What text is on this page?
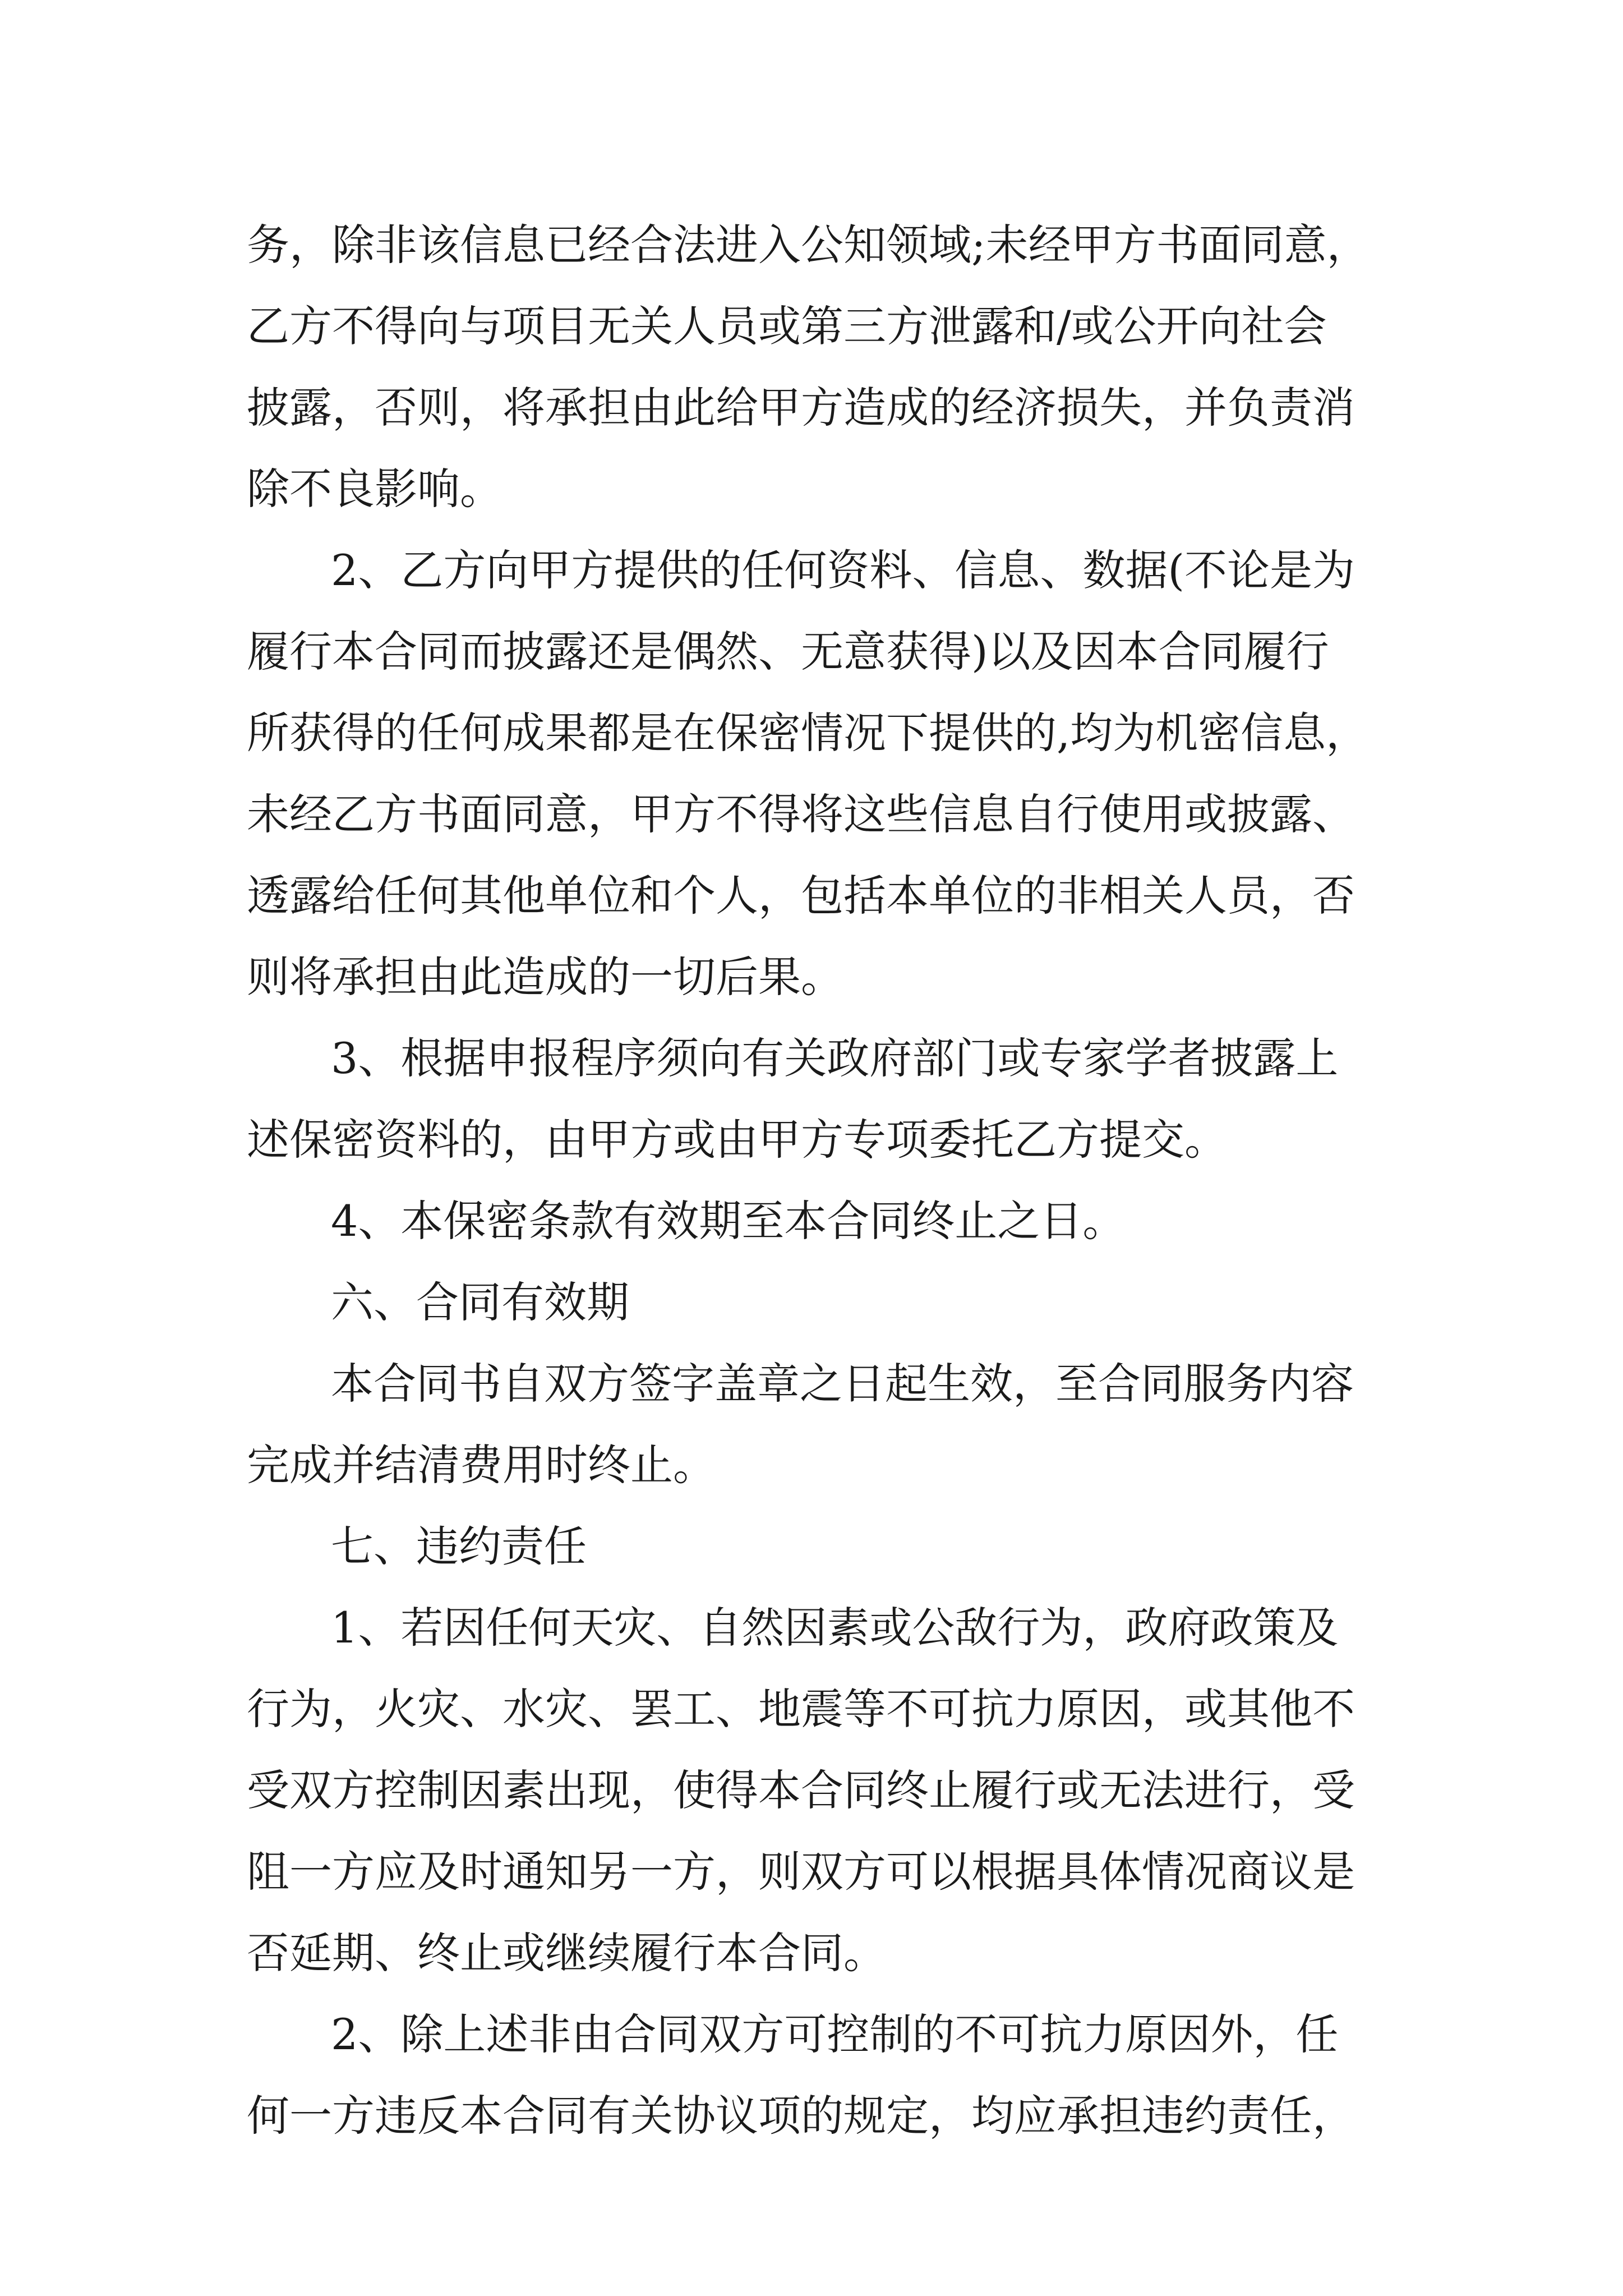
务，除非该信息已经合法进入公知领域;未经甲方书面同意，
乙方不得向与项目无关人员或第三方泄露和/或公开向社会
披露，否则，将承担由此给甲方造成的经济损失，并负责消
除不良影响。
2、乙方向甲方提供的任何资料、信息、数据(不论是为
履行本合同而披露还是偶然、无意获得)以及因本合同履行
所获得的任何成果都是在保密情况下提供的,均为机密信息，
未经乙方书面同意，甲方不得将这些信息自行使用或披露、
透露给任何其他单位和个人，包括本单位的非相关人员，否
则将承担由此造成的一切后果。
3、根据申报程序须向有关政府部门或专家学者披露上
述保密资料的，由甲方或由甲方专项委托乙方提交。
4、本保密条款有效期至本合同终止之日。
六、合同有效期
本合同书自双方签字盖章之日起生效，至合同服务内容
完成并结清费用时终止。
七、违约责任
1、若因任何天灾、自然因素或公敌行为，政府政策及
行为，火灾、水灾、罢工、地震等不可抗力原因，或其他不
受双方控制因素出现，使得本合同终止履行或无法进行，受
阻一方应及时通知另一方，则双方可以根据具体情况商议是
否延期、终止或继续履行本合同。
2、除上述非由合同双方可控制的不可抗力原因外，任
何一方违反本合同有关协议项的规定，均应承担违约责任，
